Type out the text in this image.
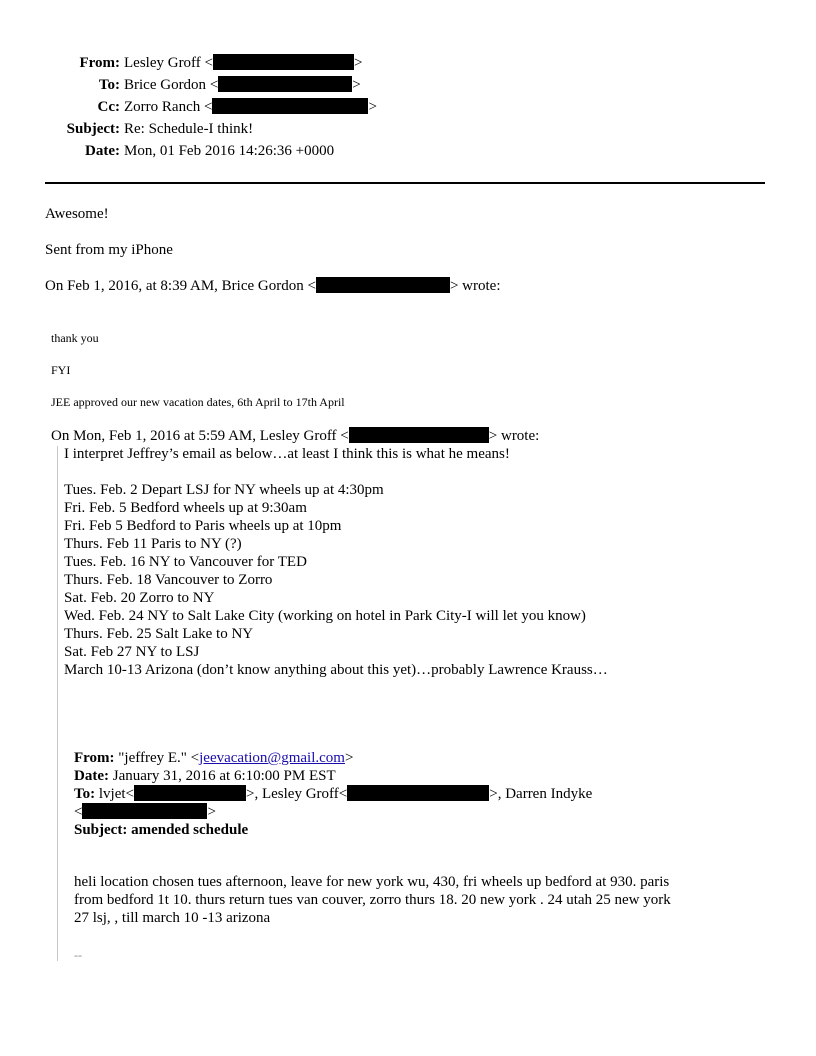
From: Lesley Groff <	>
To: Brice Gordon <	>
Cc: Zorro Ranch <	>
Subject: Re: Schedule-I think!
Date: Mon, 01 Feb 2016 14:26:36 +0000
Awesome!
Sent from my iPhone
On Feb 1, 2016, at 8:39 AM, Brice Gordon <	> wrote:
thank you
FYI
JEE approved our new vacation dates, 6th April to 17th April
On Mon, Feb 1, 2016 at 5:59 AM, Lesley Groff <	> wrote:
I interpret Jeffrey’s email as below…at least I think this is what he means!
Tues. Feb. 2 Depart LSJ for NY wheels up at 4:30pm
Fri. Feb. 5 Bedford wheels up at 9:30am
Fri. Feb 5 Bedford to Paris wheels up at 10pm
Thurs. Feb 11 Paris to NY (?)
Tues. Feb. 16 NY to Vancouver for TED
Thurs. Feb. 18 Vancouver to Zorro
Sat. Feb. 20 Zorro to NY
Wed. Feb. 24 NY to Salt Lake City (working on hotel in Park City-I will let you know)
Thurs. Feb. 25 Salt Lake to NY
Sat. Feb 27 NY to LSJ
March 10-13 Arizona (don’t know anything about this yet)…probably Lawrence Krauss…
From: "jeffrey E." <jeevacation@gmail.com>
Date: January 31, 2016 at 6:10:00 PM EST
To: lvjet<	>, Lesley Groff<	>, Darren Indyke
<	>
Subject: amended schedule
heli location chosen tues afternoon, leave for new york wu, 430, fri wheels up bedford at 930. paris
from bedford 1t 10. thurs return tues van couver, zorro thurs 18. 20 new york . 24 utah 25 new york
27 lsj, , till march 10 -13 arizona
--
